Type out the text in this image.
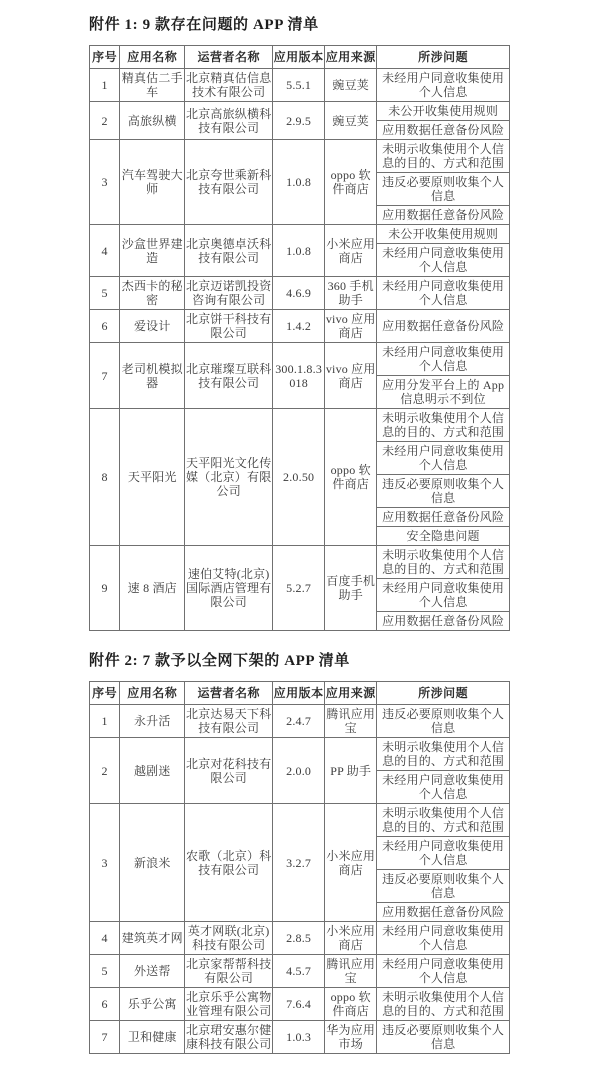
附件 1: 9 款存在问题的 APP 清单
序号	应用名称	运营者名称	应用版本	应用来源	所涉问题
1	精真估二手车	北京精真估信息技术有限公司	5.5.1	豌豆荚	未经用户同意收集使用个人信息

2	高旅纵横	北京高旅纵横科技有限公司	2.9.5	豌豆荚	未公开收集使用规则
应用数据任意备份风险

3	汽车驾驶大师	北京夸世乘新科技有限公司	1.0.8	oppo 软件商店	未明示收集使用个人信息的目的、方式和范围
违反必要原则收集个人信息
应用数据任意备份风险

4	沙盒世界建造	北京奥德卓沃科技有限公司	1.0.8	小米应用商店	未公开收集使用规则
未经用户同意收集使用个人信息

5	杰西卡的秘密	北京迈诺凯投资咨询有限公司	4.6.9	360 手机助手	未经用户同意收集使用个人信息

6	爱设计	北京饼干科技有限公司	1.4.2	vivo 应用商店	应用数据任意备份风险

7	老司机模拟器	北京璀璨互联科技有限公司	300.1.8.3018	vivo 应用商店	未经用户同意收集使用个人信息
应用分发平台上的 App 信息明示不到位

8	天平阳光	天平阳光文化传媒（北京）有限公司	2.0.50	oppo 软件商店	未明示收集使用个人信息的目的、方式和范围
未经用户同意收集使用个人信息
违反必要原则收集个人信息
应用数据任意备份风险
安全隐患问题

9	速 8 酒店	速伯艾特(北京)国际酒店管理有限公司	5.2.7	百度手机助手	未明示收集使用个人信息的目的、方式和范围
未经用户同意收集使用个人信息
应用数据任意备份风险
附件 2: 7 款予以全网下架的 APP 清单
序号	应用名称	运营者名称	应用版本	应用来源	所涉问题
1	永升活	北京达易天下科技有限公司	2.4.7	腾讯应用宝	违反必要原则收集个人信息

2	越剧迷	北京对花科技有限公司	2.0.0	PP 助手	未明示收集使用个人信息的目的、方式和范围
未经用户同意收集使用个人信息

3	新浪米	农歌（北京）科技有限公司	3.2.7	小米应用商店	未明示收集使用个人信息的目的、方式和范围
未经用户同意收集使用个人信息
违反必要原则收集个人信息
应用数据任意备份风险

4	建筑英才网	英才网联(北京)科技有限公司	2.8.5	小米应用商店	未经用户同意收集使用个人信息

5	外送帮	北京家帮帮科技有限公司	4.5.7	腾讯应用宝	未经用户同意收集使用个人信息

6	乐乎公寓	北京乐乎公寓物业管理有限公司	7.6.4	oppo 软件商店	未明示收集使用个人信息的目的、方式和范围

7	卫和健康	北京珺安惠尔健康科技有限公司	1.0.3	华为应用市场	违反必要原则收集个人信息
